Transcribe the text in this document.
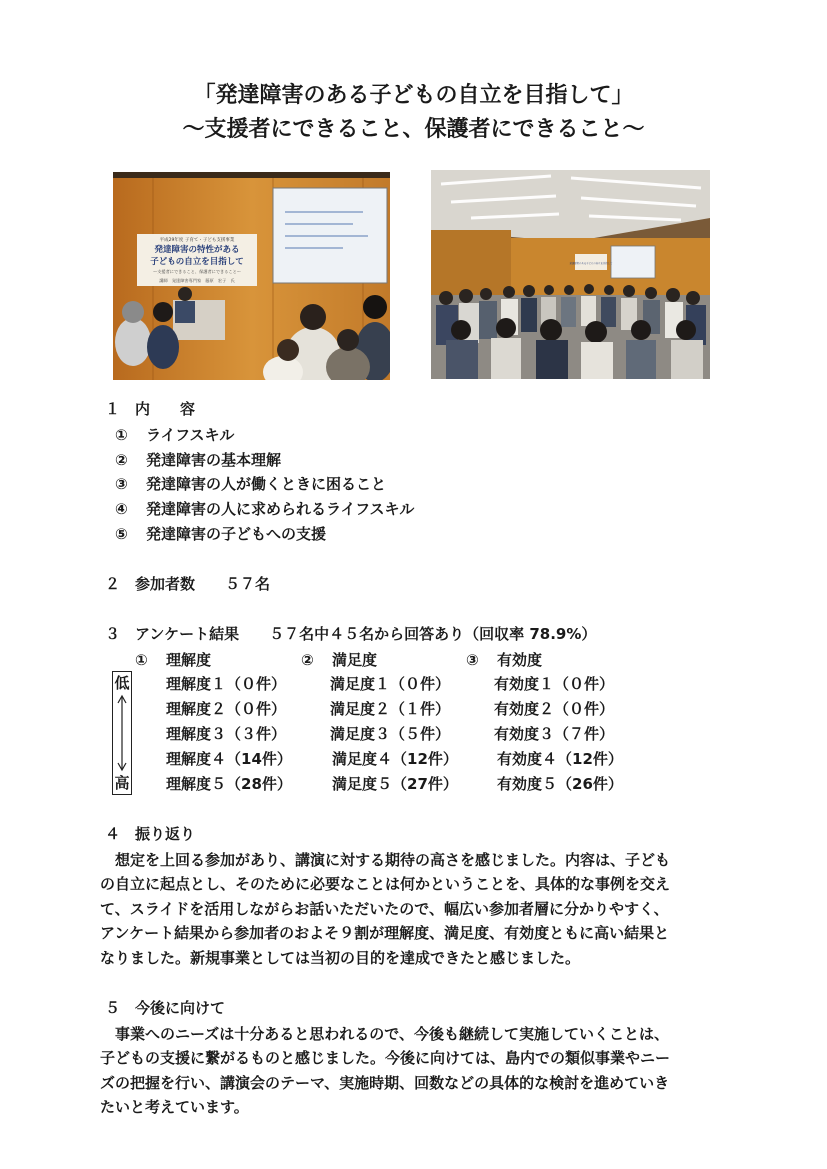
「発達障害のある子どもの自立を目指して」
～支援者にできること、保護者にできること～
平成29年度 子育て・子ども支援事業
発達障害の特性がある
子どもの自立を目指して
～支援者にできること、保護者にできること～
講師　発達障害専門家　藤原　宏子　氏
発達障害のある子どもの自立を目指して
１　内　　容
① ライフスキル
② 発達障害の基本理解
③ 発達障害の人が働くときに困ること
④ 発達障害の人に求められるライフスキル
⑤ 発達障害の子どもへの支援
２　参加者数　　５７名
３　アンケート結果　　５７名中４５名から回答あり（回収率 78.9%）
① 理解度	② 満足度	③ 有効度
低
高
理解度１（０件）	満足度１（０件）	有効度１（０件）
理解度２（０件）	満足度２（１件）	有効度２（０件）
理解度３（３件）	満足度３（５件）	有効度３（７件）
理解度４（14件）	満足度４（12件）	有効度４（12件）
理解度５（28件）	満足度５（27件）	有効度５（26件）
４　振り返り
　想定を上回る参加があり、講演に対する期待の高さを感じました。内容は、子ども
の自立に起点とし、そのために必要なことは何かということを、具体的な事例を交え
て、スライドを活用しながらお話いただいたので、幅広い参加者層に分かりやすく、
アンケート結果から参加者のおよそ９割が理解度、満足度、有効度ともに高い結果と
なりました。新規事業としては当初の目的を達成できたと感じました。
５　今後に向けて
　事業へのニーズは十分あると思われるので、今後も継続して実施していくことは、
子どもの支援に繋がるものと感じました。今後に向けては、島内での類似事業やニー
ズの把握を行い、講演会のテーマ、実施時期、回数などの具体的な検討を進めていき
たいと考えています。
